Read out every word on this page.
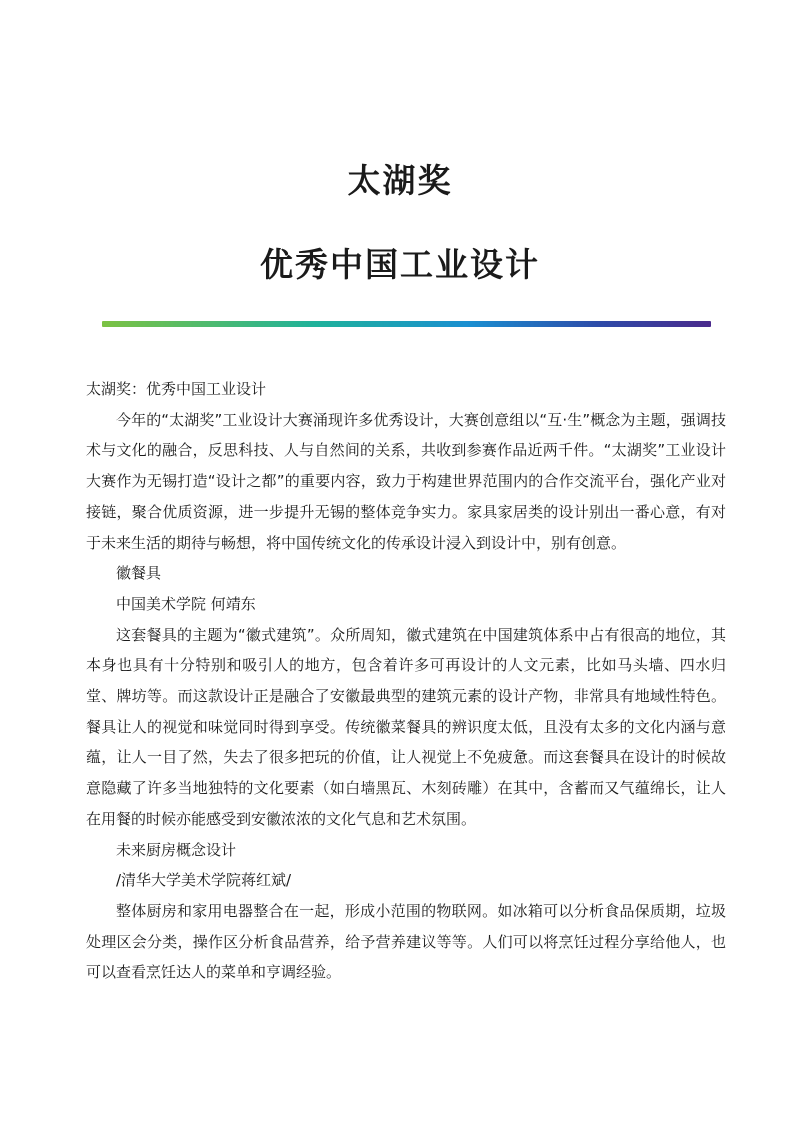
太湖奖
优秀中国工业设计

太湖奖：优秀中国工业设计

今年的“太湖奖”工业设计大赛涌现许多优秀设计，大赛创意组以“互·生”概念为主题，强调技术与文化的融合，反思科技、人与自然间的关系，共收到参赛作品近两千件。“太湖奖”工业设计大赛作为无锡打造“设计之都”的重要内容，致力于构建世界范围内的合作交流平台，强化产业对接链，聚合优质资源，进一步提升无锡的整体竞争实力。家具家居类的设计别出一番心意，有对于未来生活的期待与畅想，将中国传统文化的传承设计浸入到设计中，别有创意。

徽餐具

中国美术学院 何靖东

这套餐具的主题为“徽式建筑”。众所周知，徽式建筑在中国建筑体系中占有很高的地位，其本身也具有十分特别和吸引人的地方，包含着许多可再设计的人文元素，比如马头墙、四水归堂、牌坊等。而这款设计正是融合了安徽最典型的建筑元素的设计产物，非常具有地域性特色。餐具让人的视觉和味觉同时得到享受。传统徽菜餐具的辨识度太低，且没有太多的文化内涵与意蕴，让人一目了然，失去了很多把玩的价值，让人视觉上不免疲惫。而这套餐具在设计的时候故意隐藏了许多当地独特的文化要素（如白墙黑瓦、木刻砖雕）在其中，含蓄而又气蕴绵长，让人在用餐的时候亦能感受到安徽浓浓的文化气息和艺术氛围。

未来厨房概念设计

/清华大学美术学院蒋红斌/

整体厨房和家用电器整合在一起，形成小范围的物联网。如冰箱可以分析食品保质期，垃圾处理区会分类，操作区分析食品营养，给予营养建议等等。人们可以将烹饪过程分享给他人，也可以查看烹饪达人的菜单和亨调经验。
